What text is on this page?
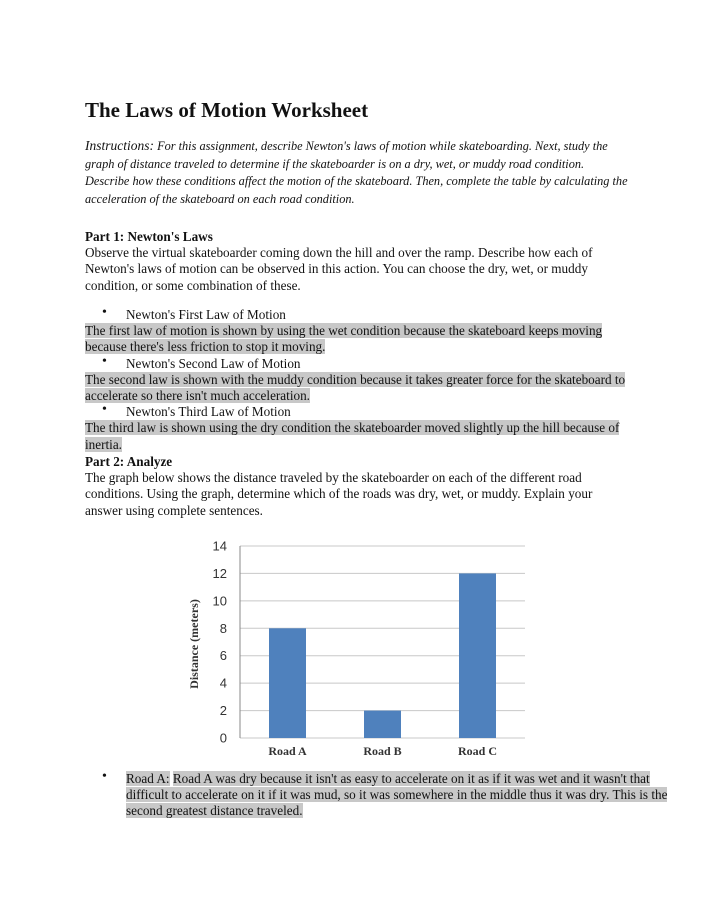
The Laws of Motion Worksheet
Instructions: For this assignment, describe Newton's laws of motion while skateboarding. Next, study the graph of distance traveled to determine if the skateboarder is on a dry, wet, or muddy road condition. Describe how these conditions affect the motion of the skateboard. Then, complete the table by calculating the acceleration of the skateboard on each road condition.
Part 1: Newton's Laws
Observe the virtual skateboarder coming down the hill and over the ramp. Describe how each of Newton's laws of motion can be observed in this action. You can choose the dry, wet, or muddy condition, or some combination of these.
• Newton's First Law of Motion
The first law of motion is shown by using the wet condition because the skateboard keeps moving because there's less friction to stop it moving.
• Newton's Second Law of Motion
The second law is shown with the muddy condition because it takes greater force for the skateboard to accelerate so there isn't much acceleration.
• Newton's Third Law of Motion
The third law is shown using the dry condition the skateboarder moved slightly up the hill because of inertia.
Part 2: Analyze
The graph below shows the distance traveled by the skateboarder on each of the different road conditions. Using the graph, determine which of the roads was dry, wet, or muddy. Explain your answer using complete sentences.
• Road A: Road A was dry because it isn't as easy to accelerate on it as if it was wet and it wasn't that difficult to accelerate on it if it was mud, so it was somewhere in the middle thus it was dry. This is the second greatest distance traveled.
0
2
4
6
8
10
12
14
Road A	Road B	Road C
Distance (meters)
